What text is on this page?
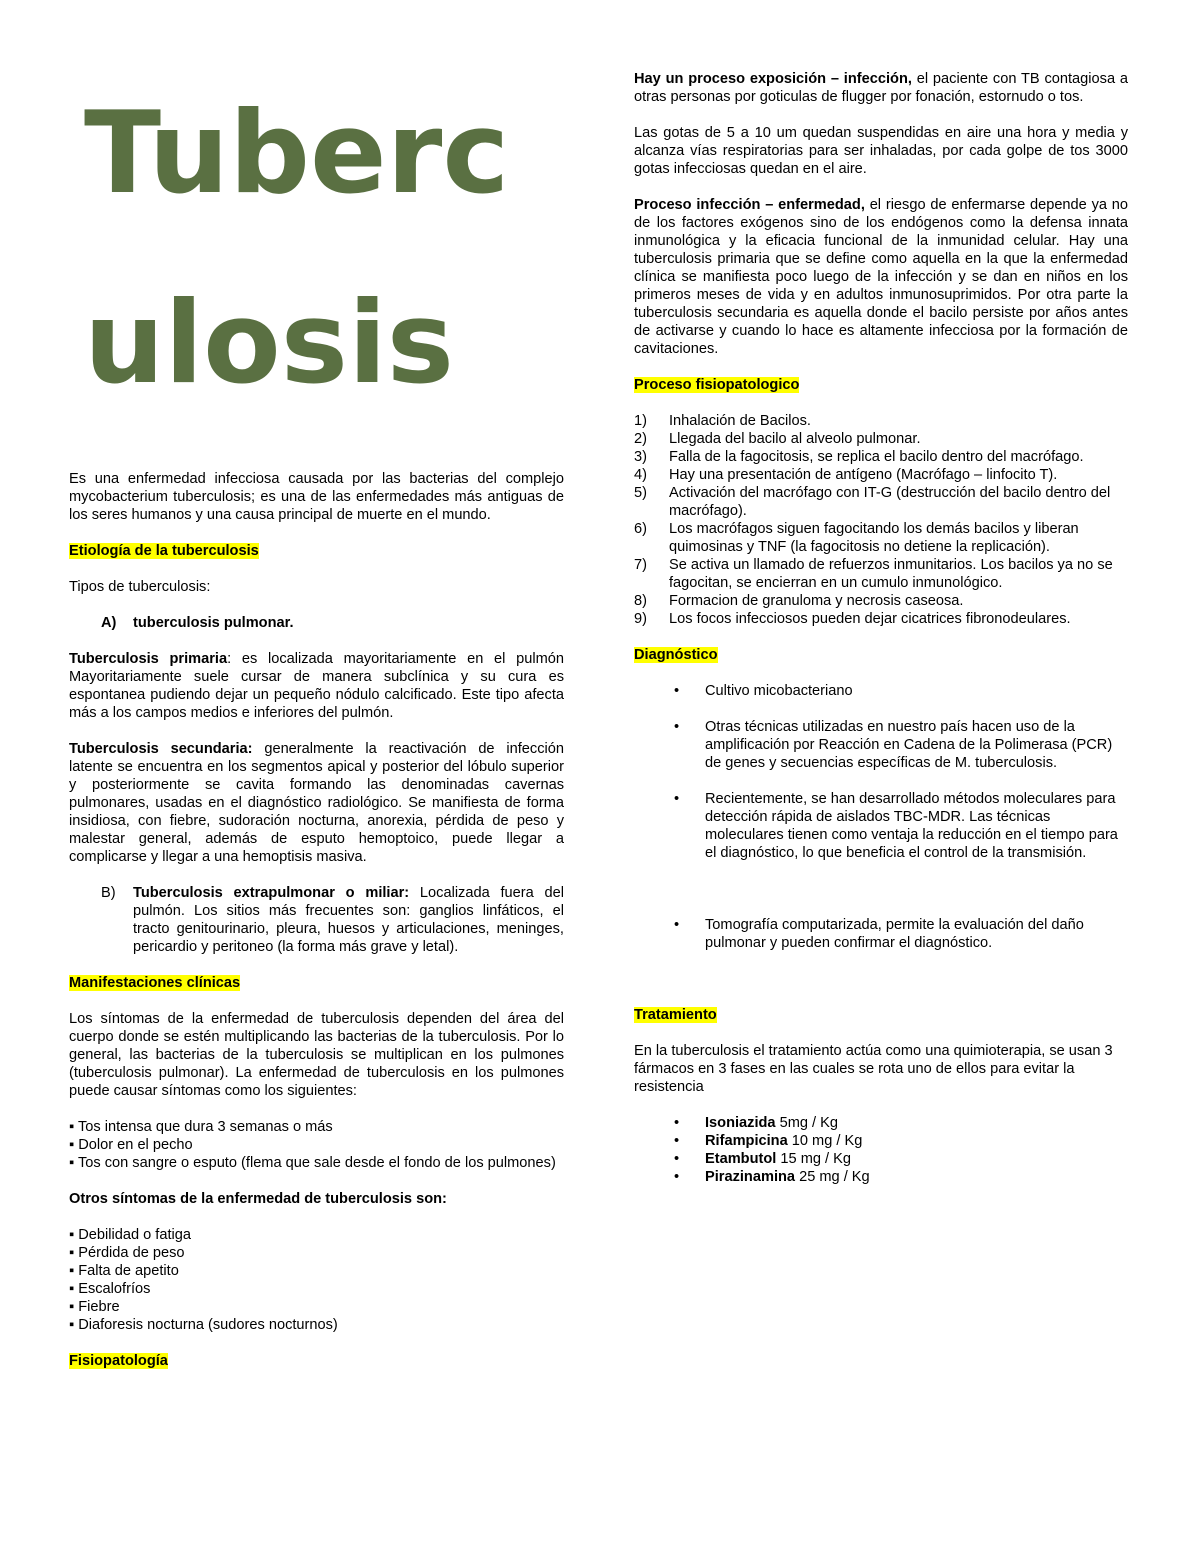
Tuberc ulosis

Es una enfermedad infecciosa causada por las bacterias del complejo mycobacterium tuberculosis; es una de las enfermedades más antiguas de los seres humanos y una causa principal de muerte en el mundo.

Etiología de la tuberculosis

Tipos de tuberculosis:

A) tuberculosis pulmonar.

Tuberculosis primaria: es localizada mayoritariamente en el pulmón Mayoritariamente suele cursar de manera subclínica y su cura es espontanea pudiendo dejar un pequeño nódulo calcificado. Este tipo afecta más a los campos medios e inferiores del pulmón.

Tuberculosis secundaria: generalmente la reactivación de infección latente se encuentra en los segmentos apical y posterior del lóbulo superior y posteriormente se cavita formando las denominadas cavernas pulmonares, usadas en el diagnóstico radiológico. Se manifiesta de forma insidiosa, con fiebre, sudoración nocturna, anorexia, pérdida de peso y malestar general, además de esputo hemoptoico, puede llegar a complicarse y llegar a una hemoptisis masiva.

B) Tuberculosis extrapulmonar o miliar: Localizada fuera del pulmón. Los sitios más frecuentes son: ganglios linfáticos, el tracto genitourinario, pleura, huesos y articulaciones, meninges, pericardio y peritoneo (la forma más grave y letal).

Manifestaciones clínicas

Los síntomas de la enfermedad de tuberculosis dependen del área del cuerpo donde se estén multiplicando las bacterias de la tuberculosis. Por lo general, las bacterias de la tuberculosis se multiplican en los pulmones (tuberculosis pulmonar). La enfermedad de tuberculosis en los pulmones puede causar síntomas como los siguientes:

▪ Tos intensa que dura 3 semanas o más

▪ Dolor en el pecho

▪ Tos con sangre o esputo (flema que sale desde el fondo de los pulmones)

Otros síntomas de la enfermedad de tuberculosis son:

▪ Debilidad o fatiga

▪ Pérdida de peso

▪ Falta de apetito

▪ Escalofríos

▪ Fiebre

▪ Diaforesis nocturna (sudores nocturnos)

Fisiopatología

Hay un proceso exposición – infección, el paciente con TB contagiosa a otras personas por goticulas de flugger por fonación, estornudo o tos.

Las gotas de 5 a 10 um quedan suspendidas en aire una hora y media y alcanza vías respiratorias para ser inhaladas, por cada golpe de tos 3000 gotas infecciosas quedan en el aire.

Proceso infección – enfermedad, el riesgo de enfermarse depende ya no de los factores exógenos sino de los endógenos como la defensa innata inmunológica y la eficacia funcional de la inmunidad celular. Hay una tuberculosis primaria que se define como aquella en la que la enfermedad clínica se manifiesta poco luego de la infección y se dan en niños en los primeros meses de vida y en adultos inmunosuprimidos. Por otra parte la tuberculosis secundaria es aquella donde el bacilo persiste por años antes de activarse y cuando lo hace es altamente infecciosa por la formación de cavitaciones.

Proceso fisiopatologico

1) Inhalación de Bacilos.
2) Llegada del bacilo al alveolo pulmonar.
3) Falla de la fagocitosis, se replica el bacilo dentro del macrófago.
4) Hay una presentación de antígeno (Macrófago – linfocito T).
5) Activación del macrófago con IT-G (destrucción del bacilo dentro del macrófago).
6) Los macrófagos siguen fagocitando los demás bacilos y liberan quimosinas y TNF (la fagocitosis no detiene la replicación).
7) Se activa un llamado de refuerzos inmunitarios. Los bacilos ya no se fagocitan, se encierran en un cumulo inmunológico.
8) Formacion de granuloma y necrosis caseosa.
9) Los focos infecciosos pueden dejar cicatrices fibronodeulares.

Diagnóstico

• Cultivo micobacteriano
• Otras técnicas utilizadas en nuestro país hacen uso de la amplificación por Reacción en Cadena de la Polimerasa (PCR) de genes y secuencias específicas de M. tuberculosis.
• Recientemente, se han desarrollado métodos moleculares para detección rápida de aislados TBC-MDR. Las técnicas moleculares tienen como ventaja la reducción en el tiempo para el diagnóstico, lo que beneficia el control de la transmisión.
• Tomografía computarizada, permite la evaluación del daño pulmonar y pueden confirmar el diagnóstico.

Tratamiento

En la tuberculosis el tratamiento actúa como una quimioterapia, se usan 3 fármacos en 3 fases en las cuales se rota uno de ellos para evitar la resistencia

• Isoniazida 5mg / Kg
• Rifampicina 10 mg / Kg
• Etambutol 15 mg / Kg
• Pirazinamina 25 mg / Kg
